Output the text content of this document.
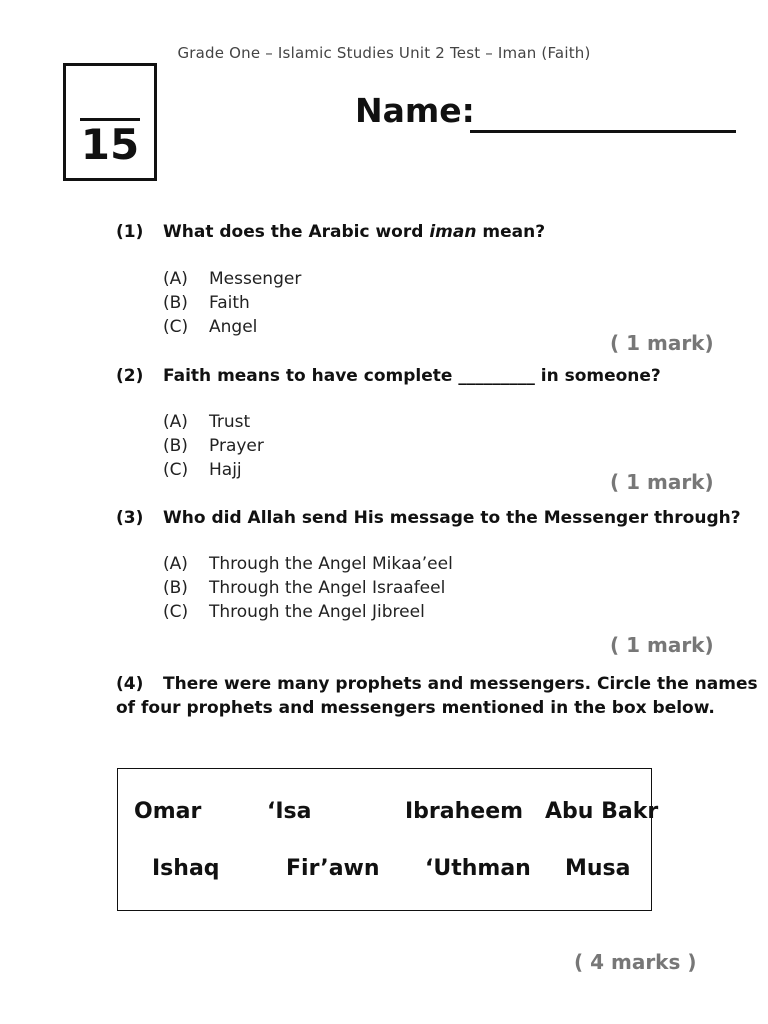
Grade One – Islamic Studies Unit 2 Test – Iman (Faith)
15
Name:
(1) What does the Arabic word iman mean?
(A) Messenger
(B) Faith
(C) Angel
( 1 mark)
(2) Faith means to have complete _________ in someone?
(A) Trust
(B) Prayer
(C) Hajj	( 1 mark)
(3) Who did Allah send His message to the Messenger through?
(A) Through the Angel Mikaa’eel
(B) Through the Angel Israafeel
(C) Through the Angel Jibreel
( 1 mark)
(4) There were many prophets and messengers. Circle the names
of four prophets and messengers mentioned in the box below.
Omar	‘Isa	Ibraheem Abu Bakr
Ishaq	Fir’awn ‘Uthman Musa
( 4 marks )
